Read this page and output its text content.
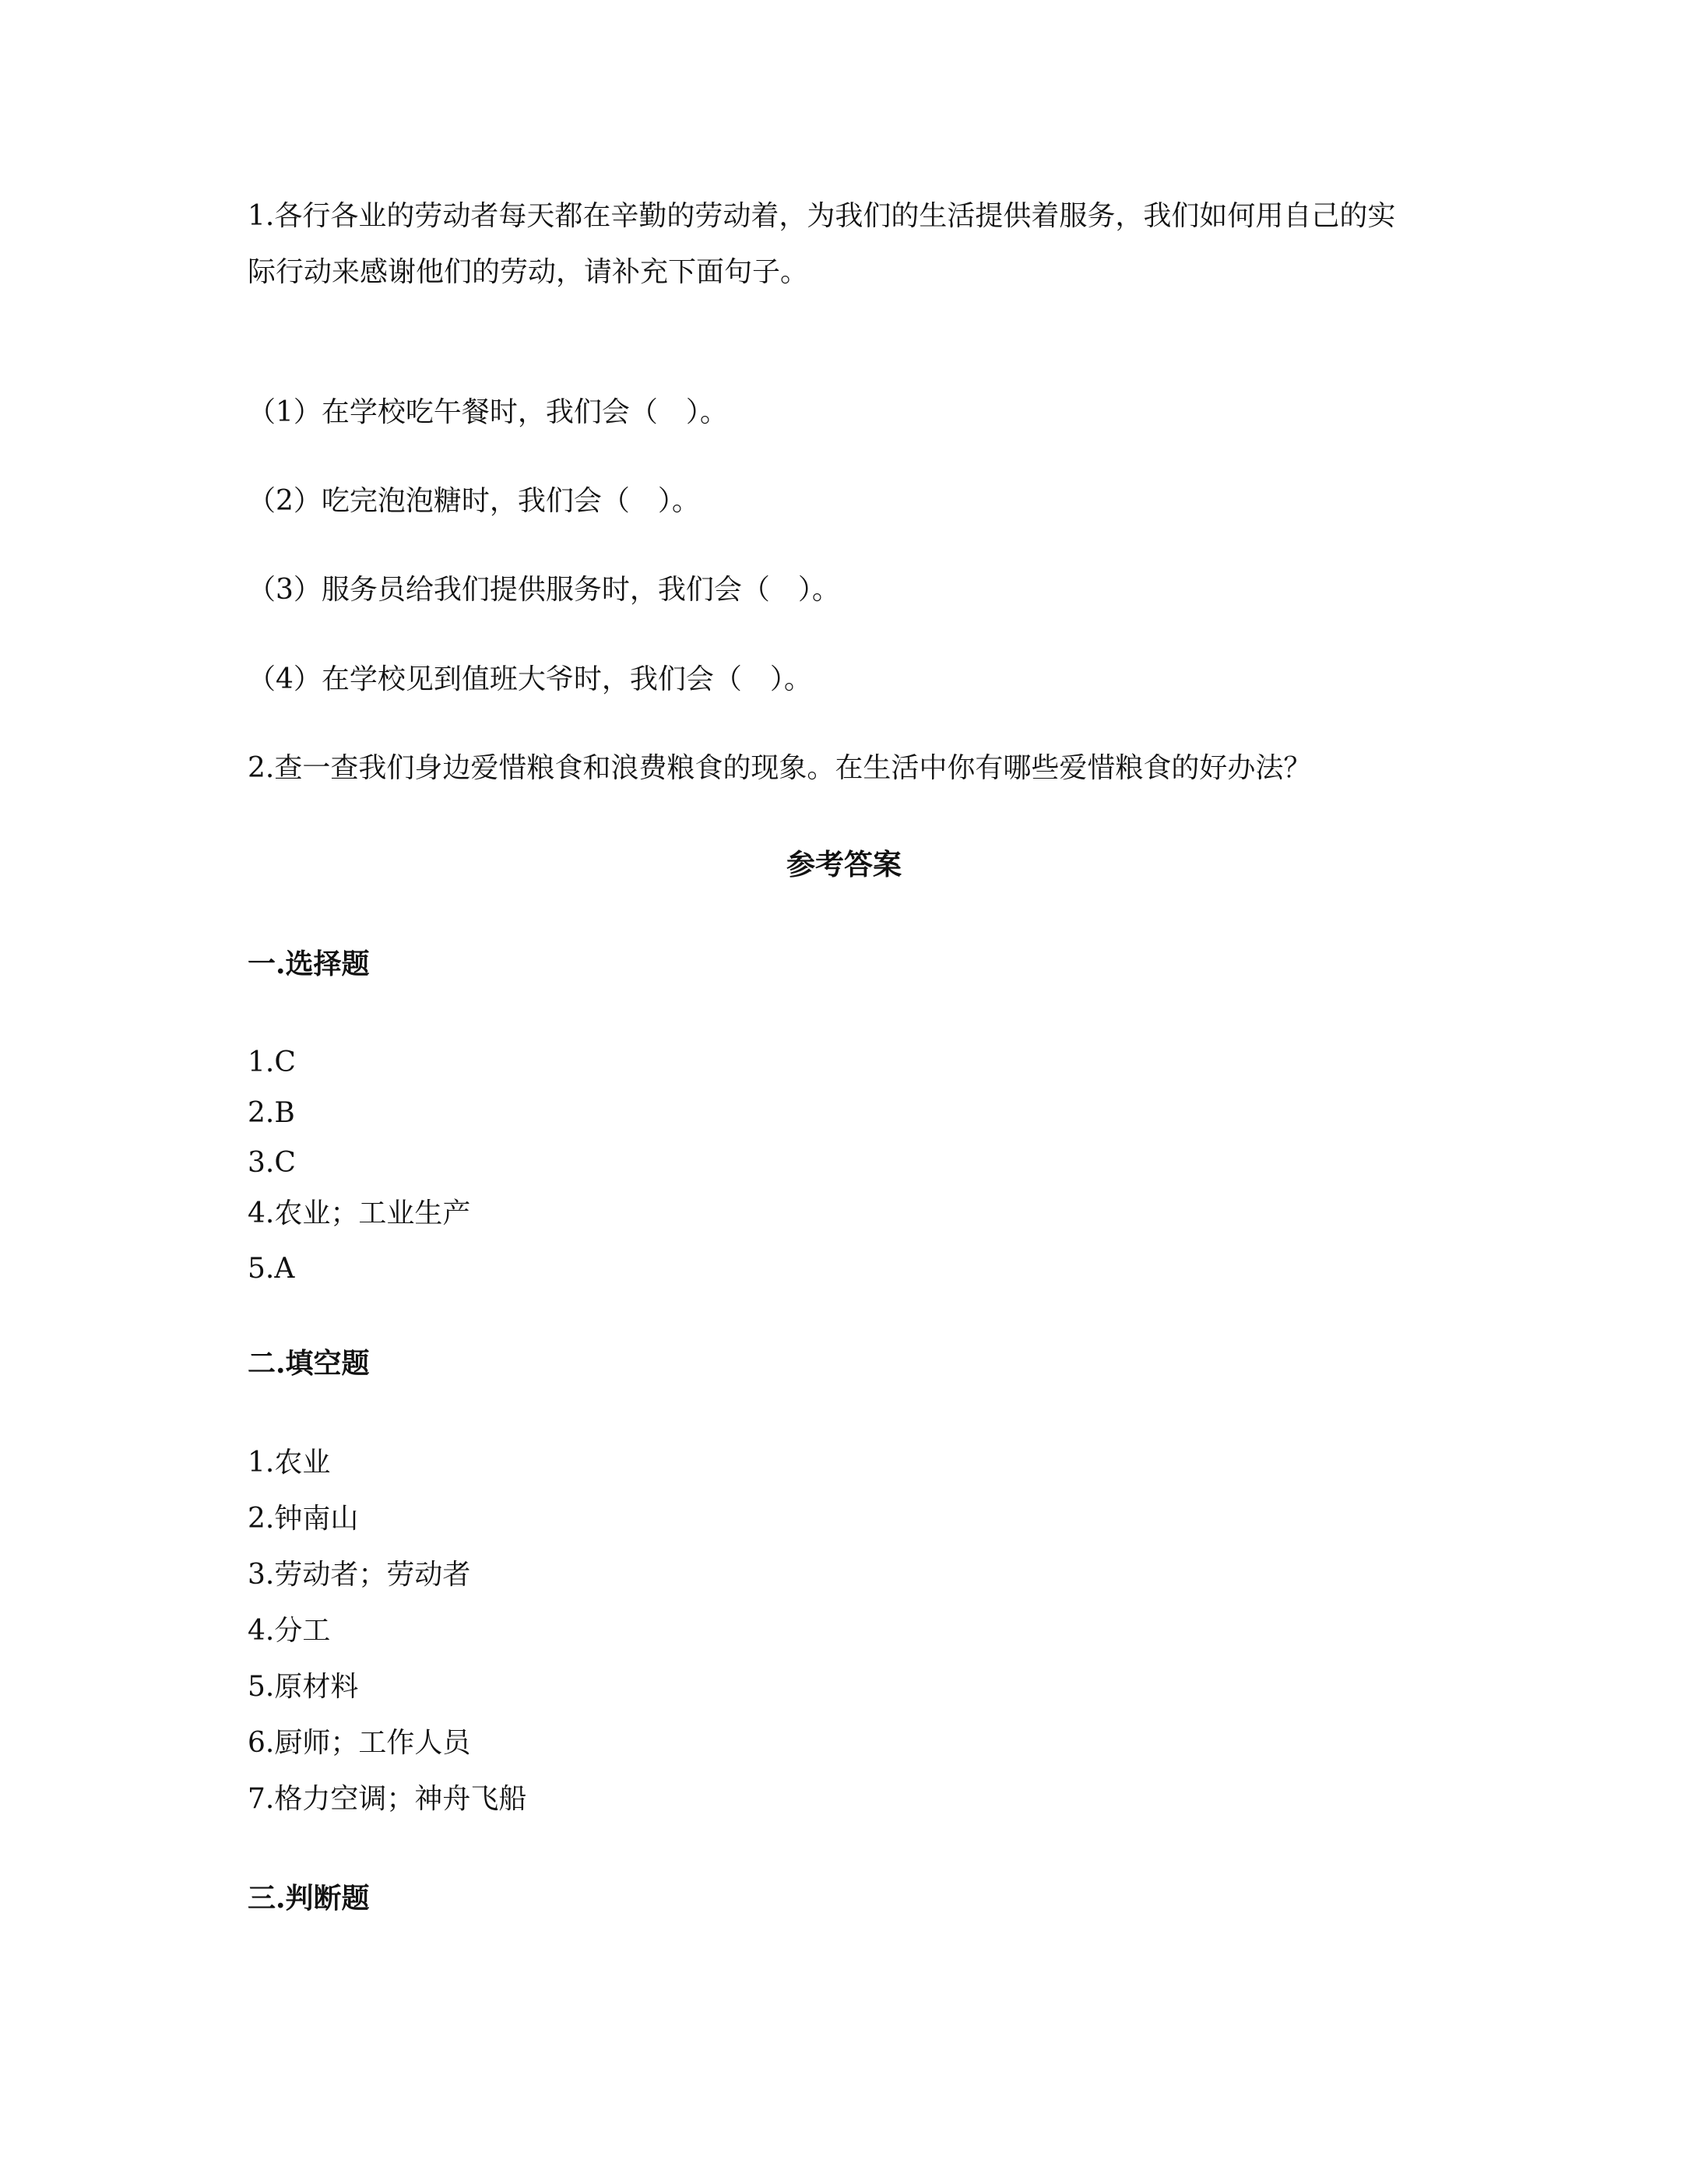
1.各行各业的劳动者每天都在辛勤的劳动着，为我们的生活提供着服务，我们如何用自己的实
际行动来感谢他们的劳动，请补充下面句子。
（1）在学校吃午餐时，我们会（　）。
（2）吃完泡泡糖时，我们会（　）。
（3）服务员给我们提供服务时，我们会（　）。
（4）在学校见到值班大爷时，我们会（　）。
2.查一查我们身边爱惜粮食和浪费粮食的现象。在生活中你有哪些爱惜粮食的好办法？
参考答案
一.选择题
1.C
2.B
3.C
4.农业；工业生产
5.A
二.填空题
1.农业
2.钟南山
3.劳动者；劳动者
4.分工
5.原材料
6.厨师；工作人员
7.格力空调；神舟飞船
三.判断题
